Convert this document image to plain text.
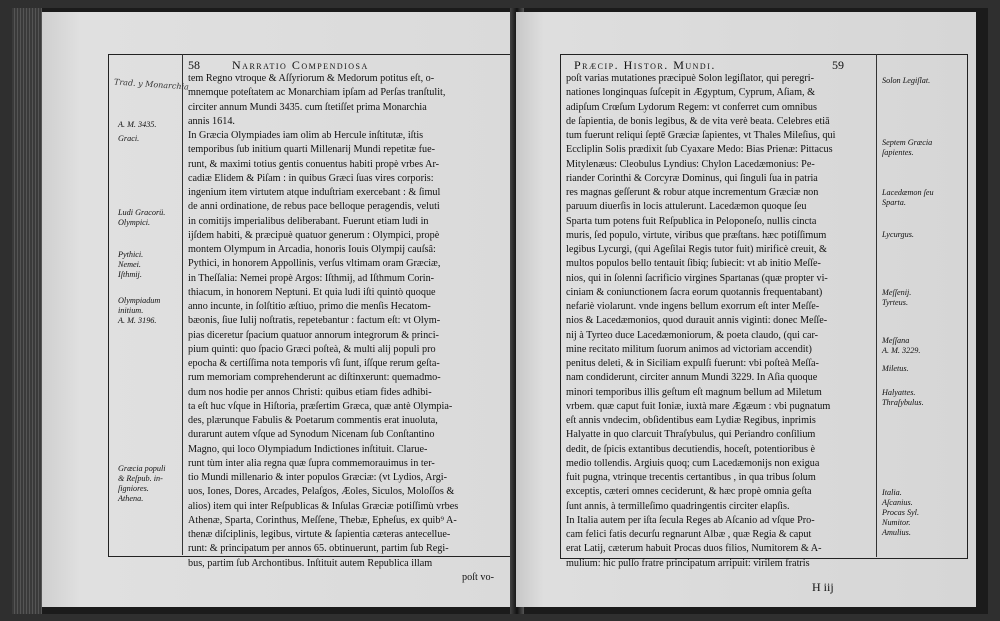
58	Narratio Compendiosa
Trad. y Monarchia
A. M. 3435.
Graci.
Ludi Gracorü.
Olympici.
Pythici.
Nemei.
Iſthmij.
Olympiadum
initium.
A. M. 3196.
Græcia populi
& Reſpub. in-
ſigniores.
Athena.

tem Regno vtroque & Aſſyriorum & Medorum potitus eſt, o-

mnemque poteſtatem ac Monarchiam ipſam ad Perſas tranſtulit,

circiter annum Mundi 3435. cum ſtetiſſet prima Monarchia

annis 1614.

In Græcia Olympiades iam olim ab Hercule inſtitutæ, iſtis

temporibus ſub initium quarti Millenarij Mundi repetitæ fue-

runt, & maximi totius gentis conuentus habiti propè vrbes Ar-

cadiæ Elidem & Piſam : in quibus Græci ſuas vires corporis:

ingenium item virtutem atque induſtriam exercebant : & ſimul

de anni ordinatione, de rebus pace belloque peragendis, veluti

in comitijs imperialibus deliberabant. Fuerunt etiam ludi in

ijſdem habiti, & præcipuè quatuor generum : Olympici, propè

montem Olympum in Arcadia, honoris Iouis Olympij cauſsâ:

Pythici, in honorem Appollinis, verſus vltimam oram Græciæ,

in Theſſalia: Nemei propè Argos: Iſthmij, ad Iſthmum Corin-

thiacum, in honorem Neptuni. Et quia ludi iſti quintò quoque

anno incunte, in ſolſtitio æſtiuo, primo die menſis Hecatom-

bæonis, ſiue Iulij noſtratis, repetebantur : factum eſt: vt Olym-

pias diceretur ſpacium quatuor annorum integrorum & princi-

pium quinti: quo ſpacio Græci poſteà, & multi alij populi pro

epocha & certiſſima nota temporis vſi ſunt, iſſque rerum geſta-

rum memoriam comprehenderunt ac diſtinxerunt: quemadmo-

dum nos hodie per annos Christi: quibus etiam fides adhibi-

ta eſt huc vſque in Hiſtoria, præſertim Græca, quæ antè Olympia-

des, plærunque Fabulis & Poetarum commentis erat inuoluta,

durarunt autem vſque ad Synodum Nicenam ſub Conſtantino

Magno, qui loco Olympiadum Indictiones inſtituit. Clarue-

runt tùm inter alia regna quæ ſupra commemorauimus in ter-

tio Mundi millenario & inter populos Græciæ: (vt Lydios, Argi-

uos, Iones, Dores, Arcades, Pelaſgos, Æoles, Siculos, Moloſſos &

alios) item qui inter Reſpublicas & Inſulas Græciæ potiſſimù vrbes

Athenæ, Sparta, Corinthus, Meſſene, Thebæ, Epheſus, ex quib⁹ A-

thenæ diſciplinis, legibus, virtute & ſapientia cæteras antecellue-

runt: & principatum per annos 65. obtinuerunt, partim ſub Regi-

bus, partim ſub Archontibus. Inſtituit autem Republica illam

poſt vo-
Præcip. Histor. Mundi.	59

poſt varias mutationes præcipuè Solon legiſlator, qui peregri-

nationes longinquas ſuſcepit in Ægyptum, Cyprum, Aſiam, &

adipſum Crœſum Lydorum Regem: vt conferret cum omnibus

de ſapientia, de bonis legibus, & de vita verè beata. Celebres etiā

tum fuerunt reliqui ſeptē Græciæ ſapientes, vt Thales Mileſius, qui

Eccliplin Solis prædixit ſub Cyaxare Medo: Bias Prienæ: Pittacus

Mitylenæus: Cleobulus Lyndius: Chylon Lacedæmonius: Pe-

riander Corinthi & Corcyræ Dominus, qui ſinguli ſua in patria

res magnas geſſerunt & robur atque incrementum Græciæ non

paruum diuerſis in locis attulerunt. Lacedæmon quoque ſeu

Sparta tum potens fuit Reſpublica in Peloponeſo, nullis cincta

muris, ſed populo, virtute, viribus que præſtans. hæc potiſſimum

legibus Lycurgi, (qui Ageſilai Regis tutor fuit) mirificè creuit, &

multos populos bello tentauit ſibiq; ſubiecit: vt ab initio Meſſe-

nios, qui in ſolenni ſacrificio virgines Spartanas (quæ propter vi-

ciniam & coniunctionem ſacra eorum quotannis frequentabant)

nefariè violarunt. vnde ingens bellum exorrum eſt inter Meſſe-

nios & Lacedæmonios, quod durauit annis viginti: donec Meſſe-

nij à Tyrteo duce Lacedæmoniorum, & poeta claudo, (qui car-

mine recitato militum ſuorum animos ad victoriam accendit)

penitus deleti, & in Siciliam expulſi fuerunt: vbi poſteà Meſſa-

nam condiderunt, circiter annum Mundi 3229. In Aſia quoque

minori temporibus illis geſtum eſt magnum bellum ad Miletum

vrbem. quæ caput fuit Ioniæ, iuxtà mare Ægæum : vbi pugnatum

eſt annis vndecim, obſidentibus eam Lydiæ Regibus, inprimis

Halyatte in quo clarcuit Thraſybulus, qui Periandro conſilium

dedit, de ſpicis extantibus decutiendis, hoceſt, potentioribus è

medio tollendis. Argiuis quoq; cum Lacedæmonijs non exigua

fuit pugna, vtrinque trecentis certantibus , in qua tribus ſolum

exceptis, cæteri omnes ceciderunt, & hæc propè omnia geſta

ſunt annis, à termilleſimo quadringentis circiter elapſis.

In Italia autem per iſta ſecula Reges ab Aſcanio ad vſque Pro-

cam felici fatis decurſu regnarunt Albæ , quæ Regia & caput

erat Latij, cæterum habuit Procas duos filios, Numitorem & A-

mulium: hic pulſo fratre principatum arripuit: virilem fratris

Solon Legiſlat.
Septem Græcia
ſapientes.
Lacedæmon ſeu
Sparta.
Lycurgus.
Meſſenij.
Tyrteus.
Meſſana
A. M. 3229.
Miletus.
Halyattes.
Thraſybulus.
Italia.
Aſcanius.
Procas Syl.
Numitor.
Amulius.
H iij
